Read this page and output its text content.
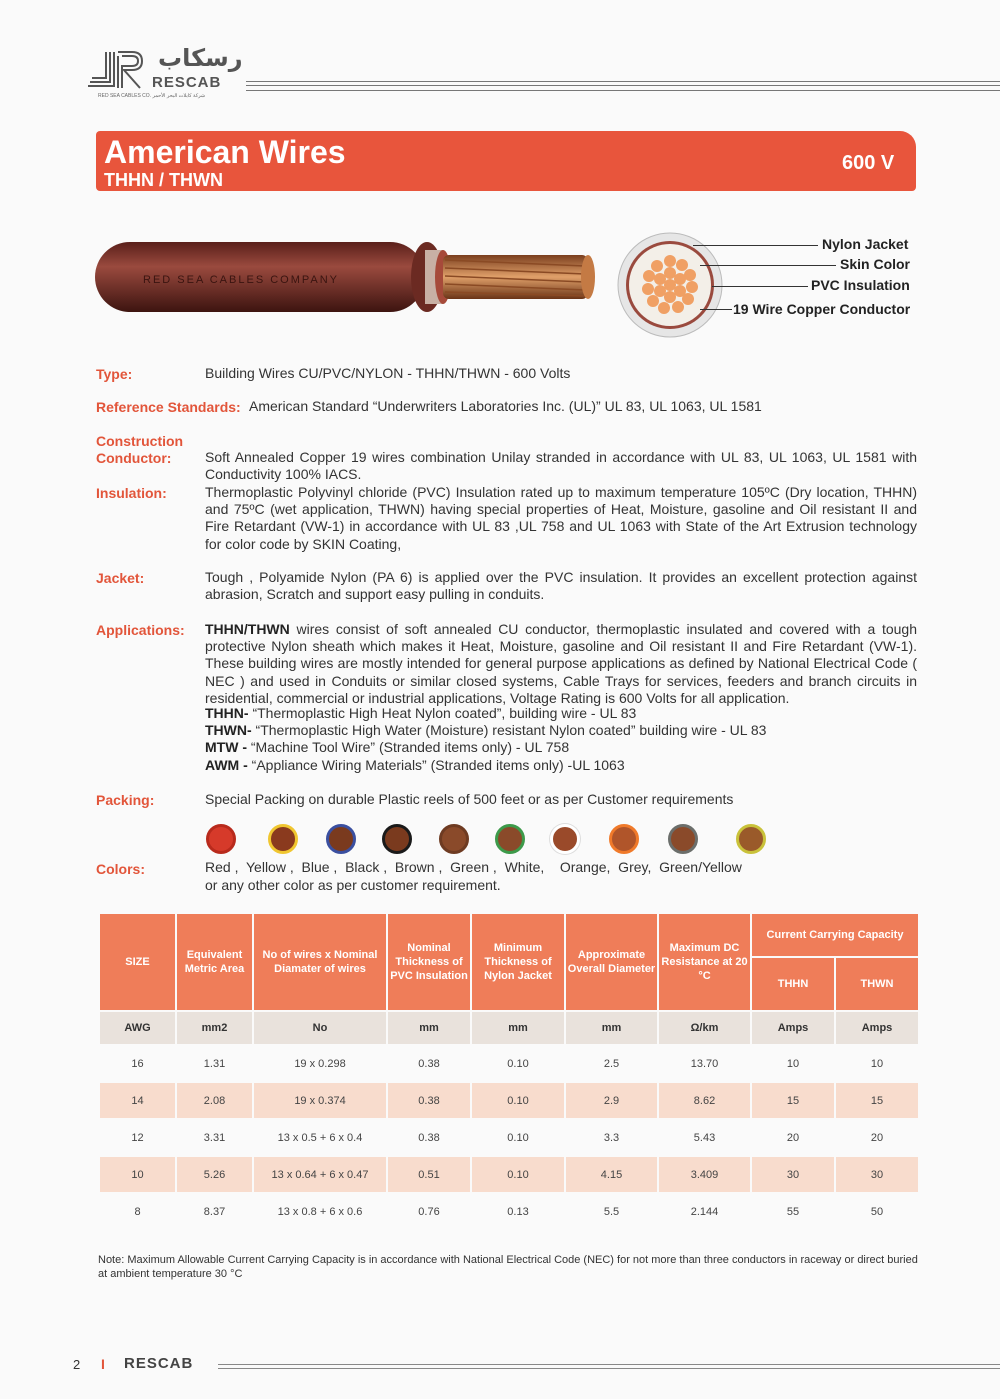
رسكاب
RESCAB
RED SEA CABLES CO. شركة كابلات البحر الأحمر
American Wires
THHN / THWN
600 V
RED SEA CABLES COMPANY
Nylon Jacket
Skin Color
PVC Insulation
19 Wire Copper Conductor
Type:	Building Wires CU/PVC/NYLON - THHN/THWN - 600 Volts
Reference Standards: American Standard “Underwriters Laboratories Inc. (UL)” UL 83, UL 1063, UL 1581
Construction
Conductor: Soft Annealed Copper 19 wires combination Unilay stranded in accordance with UL 83, UL 1063, UL 1581 with Conductivity 100% IACS.
Insulation:	Thermoplastic Polyvinyl chloride (PVC) Insulation rated up to maximum temperature 105ºC (Dry location, THHN) and 75ºC (wet application, THWN) having special properties of Heat, Moisture, gasoline and Oil resistant II and Fire Retardant (VW-1) in accordance with UL 83 ,UL 758 and UL 1063 with State of the Art Extrusion technology for color code by SKIN Coating,
Jacket:	Tough , Polyamide Nylon (PA 6) is applied over the PVC insulation. It provides an excellent protection against abrasion, Scratch and support easy pulling in conduits.
Applications: THHN/THWN wires consist of soft annealed CU conductor, thermoplastic insulated and covered with a tough protective Nylon sheath which makes it Heat, Moisture, gasoline and Oil resistant II and Fire Retardant (VW-1). These building wires are mostly intended for general purpose applications as defined by National Electrical Code ( NEC ) and used in Conduits or similar closed systems, Cable Trays for services, feeders and branch circuits in residential, commercial or industrial applications, Voltage Rating is 600 Volts for all application.
THHN- “Thermoplastic High Heat Nylon coated”, building wire - UL 83
THWN- “Thermoplastic High Water (Moisture) resistant Nylon coated” building wire - UL 83
MTW - “Machine Tool Wire” (Stranded items only) - UL 758
AWM - “Appliance Wiring Materials” (Stranded items only) -UL 1063
Packing:	Special Packing on durable Plastic reels of 500 feet or as per Customer requirements
Colors:	Red ,  Yellow ,  Blue ,  Black ,  Brown ,  Green ,  White,    Orange,  Grey,  Green/Yellow
or any other color as per customer requirement.
SIZE	Equivalent Metric Area	No of wires x Nominal Diamater of wires	Nominal Thickness of PVC Insulation	Minimum Thickness of Nylon Jacket	Approximate Overall Diameter	Maximum DC Resistance at 20 °C	Current Carrying Capacity	
							THHN	THWN
AWG	mm2	No	mm	mm	mm	Ω/km	Amps	Amps
16	1.31	19 x 0.298	0.38	0.10	2.5	13.70	10	10
14	2.08	19 x 0.374	0.38	0.10	2.9	8.62	15	15
12	3.31	13 x 0.5 + 6 x 0.4	0.38	0.10	3.3	5.43	20	20
10	5.26	13 x 0.64 + 6 x 0.47	0.51	0.10	4.15	3.409	30	30
8	8.37	13 x 0.8 + 6 x 0.6	0.76	0.13	5.5	2.144	55	50
Note: Maximum Allowable Current Carrying Capacity is in accordance with National Electrical Code (NEC) for not more than three conductors in raceway or direct buried at ambient temperature 30 °C
2 I RESCAB
